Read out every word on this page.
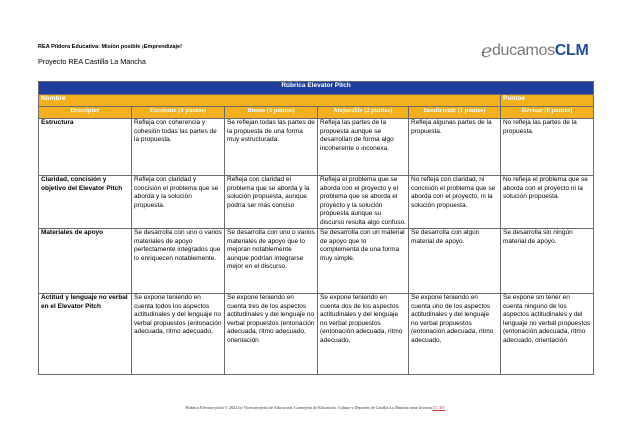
REA Píldora Educativa: Misión posible ¡Emprendizaje!
Proyecto REA Castilla La Mancha	e ducamos CLM
Rúbrica Elevator Pitch					
Nombre					Puntos
Descriptor	Excelente (4 puntos)	Bueno (3 puntos)	Mejorable (2 puntos)	Insuficiente (1 puntos)	Revisar (0 puntos)
Estructura	Refleja con coherencia y cohesión todas las partes de la propuesta.	Se reflejan todas las partes de la propuesta de una forma muy estructurada.	Refleja las partes de la propuesta aunque se desarrollan de forma algo incoherente o inconexa.	Refleja algunas partes de la propuesta.	No refleja las partes de la propuesta.
Claridad, concisión y objetivo del Elevator Pitch	Refleja con claridad y concisión el problema que se aborda y la solución propuesta.	Refleja con claridad el problema que se aborda y la solución propuesta, aunque podría ser más conciso	Refleja el problema que se aborda con el proyecto y el problema que se aborda el proyecto y la solución propuesta aunque su discurso resulta algo confuso.	No refleja con claridad, ni concisión el problema que se aborda con el proyecto, ni la solución propuesta.	No refleja el problema que se aborda con el proyecto ni la solución propuesta.
Materiales de apoyo	Se desarrolla con uno o varios materiales de apoyo perfectamente integrados que lo enriquecen notablemente.	Se desarrolla con uno o varios materiales de apoyo que lo mejoran notablemente aunque podrían integrarse mejor en el discurso.	Se desarrolla con un material de apoyo que lo complementa de una forma muy simple.	Se desarrolla con algún material de apoyo.	Se desarrolla sin ningún material de apoyo.
Actitud y lenguaje no verbal en el Elevator Pitch	Se expone teniendo en cuenta todos los aspectos actitudinales y del lenguaje no verbal propuestos (entonación adecuada, ritmo adecuado,	Se expone teniendo en cuenta tres de los aspectos actitudinales y del lenguaje no verbal propuestos (entonación adecuada, ritmo adecuado, orientación	Se expone teniendo en cuenta dos de los aspectos actitudinales y del lenguaje no verbal propuestos (entonación adecuada, ritmo adecuado,	Se expone teniendo en cuenta uno de los aspectos actitudinales y del lenguaje no verbal propuestos (entonación adecuada, ritmo adecuado,	Se expone sin tener en cuenta ninguno de los aspectos actitudinales y del lenguaje no verbal propuestos (entonación adecuada, ritmo adecuado, orientación
Rúbrica Elevator pitch © 2022 by Viceconsejería de Educación. Consejería de Educación, Cultura y Deportes de Castilla La Mancha tiene licencia CC BY
